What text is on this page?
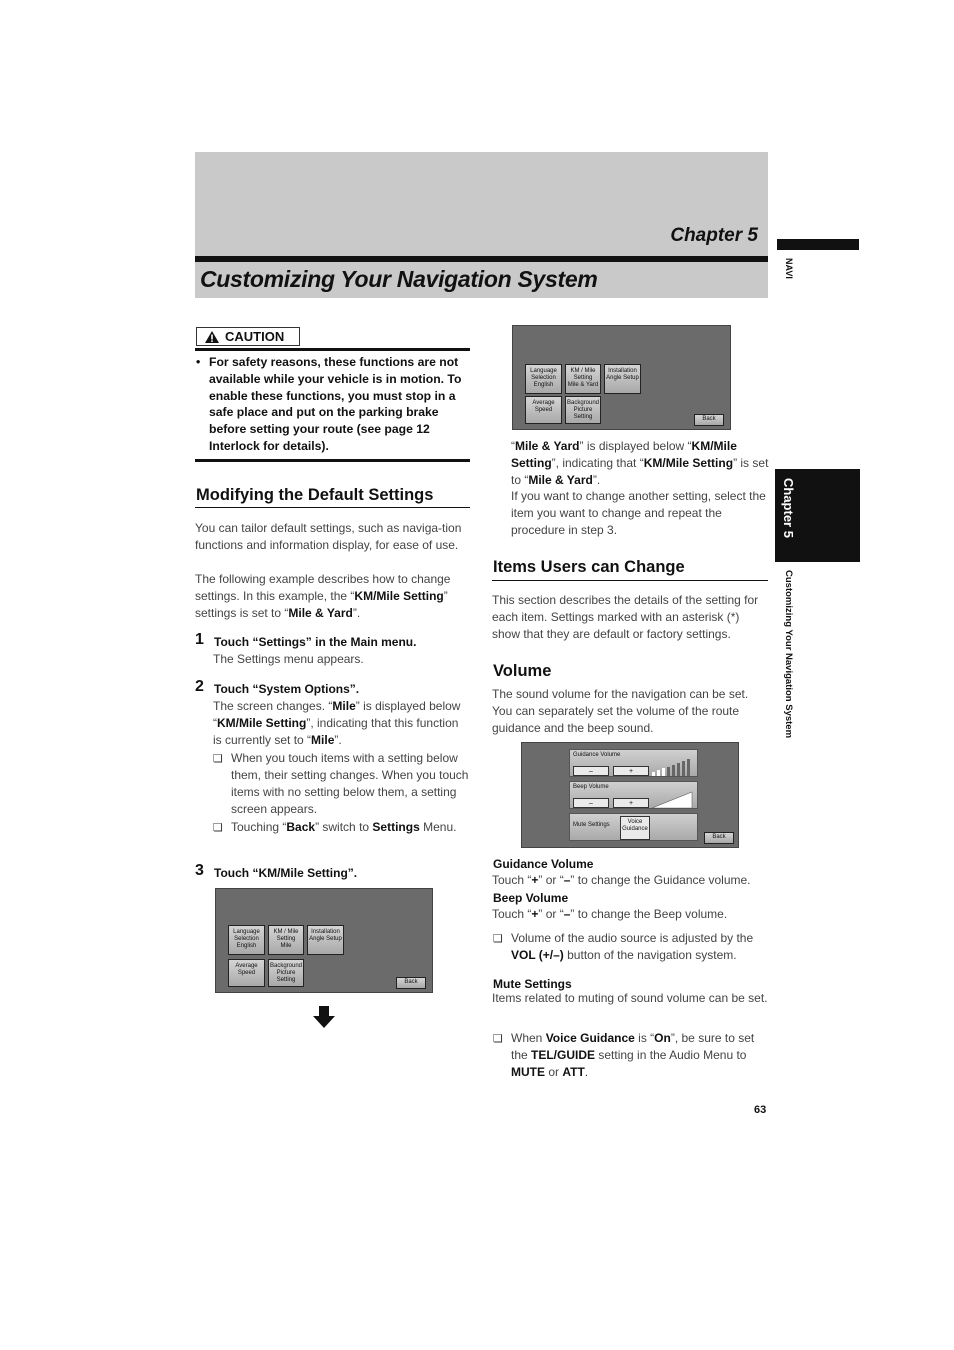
Chapter 5
Customizing Your Navigation System	NAVI
Chapter 5
Customizing Your Navigation System
CAUTION
• For safety reasons, these functions are not available while your vehicle is in motion. To enable these functions, you must stop in a safe place and put on the parking brake before setting your route (see page 12 Interlock for details).
Modifying the Default Settings
You can tailor default settings, such as naviga-tion functions and information display, for ease of use.
The following example describes how to change settings. In this example, the “KM/Mile Setting” settings is set to “Mile & Yard”.
1 Touch “Settings” in the Main menu.
The Settings menu appears.
2 Touch “System Options”.
The screen changes. “Mile” is displayed below “KM/Mile Setting”, indicating that this function is currently set to “Mile”.
❏ When you touch items with a setting below them, their setting changes. When you touch items with no setting below them, a setting screen appears.
❏ Touching “Back” switch to Settings Menu.
3 Touch “KM/Mile Setting”.
Language
Selection
English
KM / Mile
Setting
Mile
Installation
Angle Setup
Average
Speed
Background
Picture
Setting	Back
Language
Selection
English
KM / Mile
Setting
Mile & Yard
Installation
Angle Setup
Average
Speed
Background
Picture
Setting	Back
“Mile & Yard” is displayed below “KM/Mile Setting”, indicating that “KM/Mile Setting” is set to “Mile & Yard”.
If you want to change another setting, select the item you want to change and repeat the procedure in step 3.
Items Users can Change
This section describes the details of the setting for each item. Settings marked with an asterisk (*) show that they are default or factory settings.
Volume
The sound volume for the navigation can be set. You can separately set the volume of the route guidance and the beep sound.
Guidance Volume
–	+
Beep Volume
–	+
Mute Settings	Voice
Guidance
Back
Guidance Volume
Touch “+” or “–” to change the Guidance volume.
Beep Volume
Touch “+” or “–” to change the Beep volume.
❏ Volume of the audio source is adjusted by the VOL (+/–) button of the navigation system.
Mute Settings
Items related to muting of sound volume can be set.
❏ When Voice Guidance is “On”, be sure to set the TEL/GUIDE setting in the Audio Menu to MUTE or ATT.
63
